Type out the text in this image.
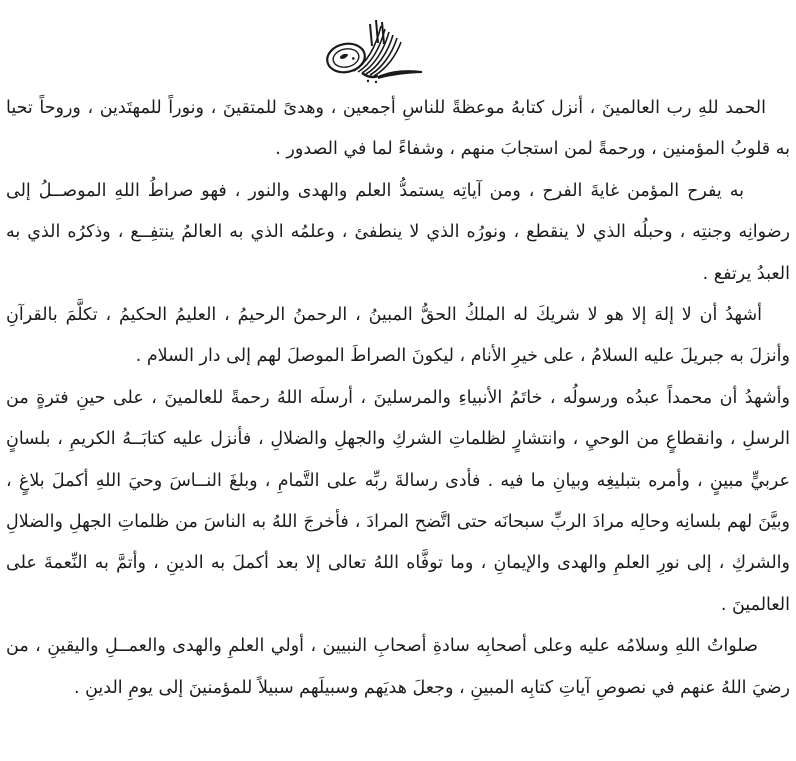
الحمد للهِ رب العالمينَ ، أنزل كتابهُ موعظةً للناسِ أجمعين ، وهدىً للمتقينَ ، ونوراً للمهتَدين ، وروحاً تحيا به قلوبُ المؤمنين ، ورحمةً لمن استجابَ منهم ، وشفاءً لما في الصدور .

به يفرح المؤمن غايةَ الفرح ، ومن آياتِه يستمدُّ العلم والهدى والنور ، فهو صراطُ اللهِ الموصــلُ إلى رضوانِه وجنتِه ، وحبلُه الذي لا ينقطع ، ونورُه الذي لا ينطفئ ، وعلمُه الذي به العالمُ ينتفِــع ، وذكرُه الذي به العبدُ يرتفع .

أشهدُ أن لا إلهَ إلا هو لا شريكَ له الملكُ الحقُّ المبينُ ، الرحمنُ الرحيمُ ، العليمُ الحكيمُ ، تكلَّمَ بالقرآنِ وأنزلَ به جبريلَ عليه السلامُ ، على خيرِ الأنام ، ليكونَ الصراطَ الموصلَ لهم إلى دار السلام .

وأشهدُ أن محمداً عبدُه ورسولُه ، خاتَمُ الأنبياءِ والمرسلينَ ، أرسلَه اللهُ رحمةً للعالمينَ ، على حينِ فترةٍ من الرسلِ ، وانقطاعٍ من الوحيِ ، وانتشارٍ لظلماتِ الشركِ والجهلِ والضلالِ ، فأنزل عليه كتابَــهُ الكريمِ ، بلسانٍ عربيٍّ مبينٍ ، وأمره بتبليغِه وبيانِ ما فيه . فأدى رسالةَ ربِّه على التَّمامِ ، وبلغَ النــاسَ وحيَ اللهِ أكملَ بلاغٍ ، وبيَّنَ لهم بلسانِه وحالِه مرادَ الربِّ سبحانَه حتى اتَّضح المرادَ ، فأخرجَ اللهُ به الناسَ من ظلماتِ الجهلِ والضلالِ والشركِ ، إلى نورِ العلمِ والهدى والإيمانِ ، وما توفَّاه اللهُ تعالى إلا بعد أكملَ به الدينِ ، وأتمَّ به النِّعمةَ على العالمينَ .

صلواتُ اللهِ وسلامُه عليه وعلى أصحابِه سادةِ أصحابِ النبيين ، أولي العلمِ والهدى والعمــلِ واليقينِ ، من رضيَ اللهُ عنهم في نصوصِ آياتِ كتابِه المبينِ ، وجعلَ هديَهم وسبيلَهم سبيلاً للمؤمنينَ إلى يومِ الدينِ .
